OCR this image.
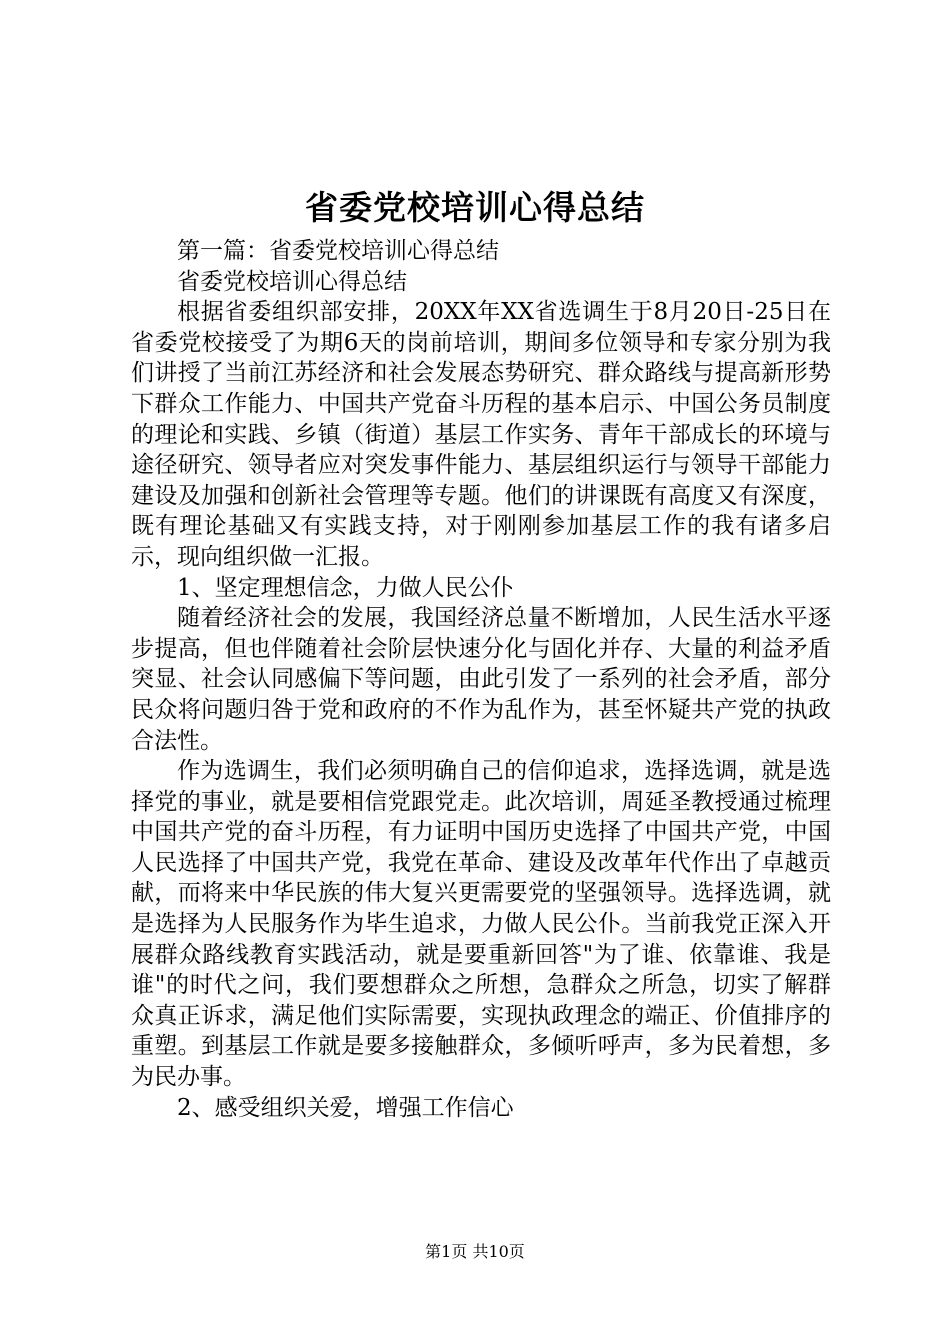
省委党校培训心得总结

第一篇：省委党校培训心得总结

省委党校培训心得总结

根据省委组织部安排，20XX年XX省选调生于8月20日-25日在省委党校接受了为期6天的岗前培训，期间多位领导和专家分别为我们讲授了当前江苏经济和社会发展态势研究、群众路线与提高新形势下群众工作能力、中国共产党奋斗历程的基本启示、中国公务员制度的理论和实践、乡镇（街道）基层工作实务、青年干部成长的环境与途径研究、领导者应对突发事件能力、基层组织运行与领导干部能力建设及加强和创新社会管理等专题。他们的讲课既有高度又有深度，既有理论基础又有实践支持，对于刚刚参加基层工作的我有诸多启示，现向组织做一汇报。

1、坚定理想信念，力做人民公仆

随着经济社会的发展，我国经济总量不断增加，人民生活水平逐步提高，但也伴随着社会阶层快速分化与固化并存、大量的利益矛盾突显、社会认同感偏下等问题，由此引发了一系列的社会矛盾，部分民众将问题归咎于党和政府的不作为乱作为，甚至怀疑共产党的执政合法性。

作为选调生，我们必须明确自己的信仰追求，选择选调，就是选择党的事业，就是要相信党跟党走。此次培训，周延圣教授通过梳理中国共产党的奋斗历程，有力证明中国历史选择了中国共产党，中国人民选择了中国共产党，我党在革命、建设及改革年代作出了卓越贡献，而将来中华民族的伟大复兴更需要党的坚强领导。选择选调，就是选择为人民服务作为毕生追求，力做人民公仆。当前我党正深入开展群众路线教育实践活动，就是要重新回答"为了谁、依靠谁、我是谁"的时代之问，我们要想群众之所想，急群众之所急，切实了解群众真正诉求，满足他们实际需要，实现执政理念的端正、价值排序的重塑。到基层工作就是要多接触群众，多倾听呼声，多为民着想，多为民办事。

2、感受组织关爱，增强工作信心

第1页 共10页
